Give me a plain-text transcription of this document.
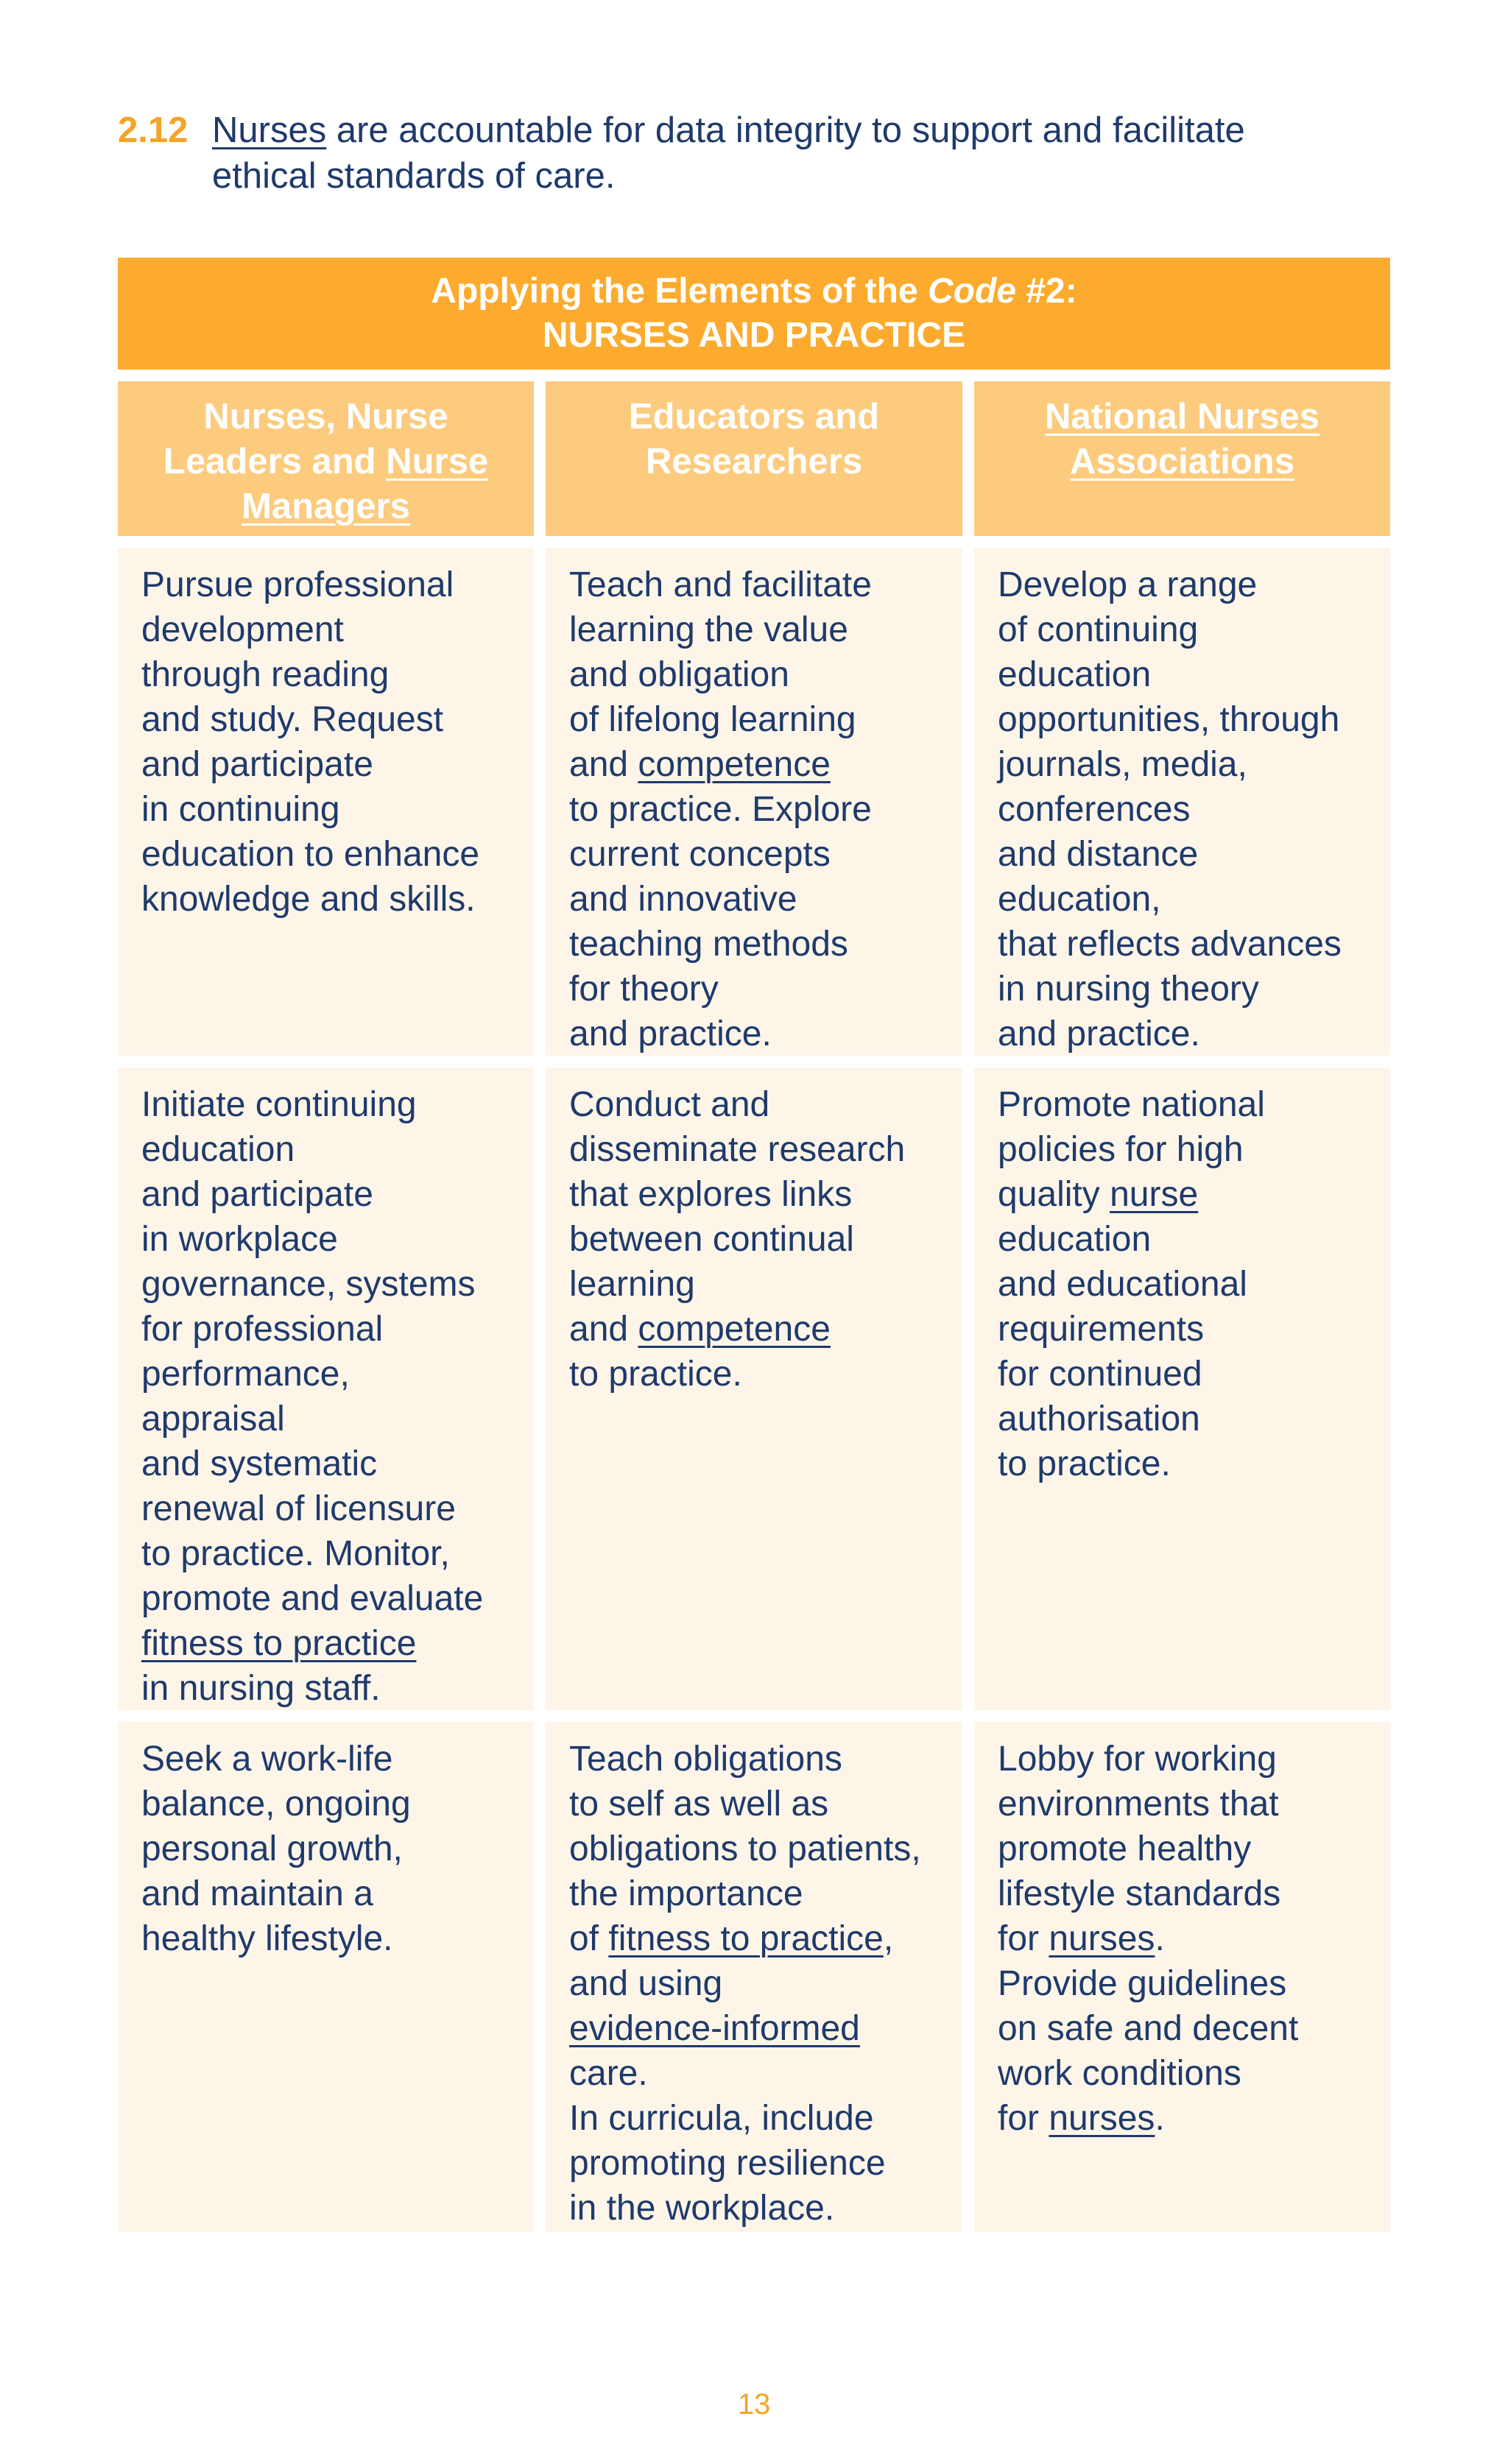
2.12 Nurses are accountable for data integrity to support and facilitate
ethical standards of care.
Applying the Elements of the Code #2:
NURSES AND PRACTICE
Nurses, Nurse
Leaders and Nurse
Managers
Educators and
Researchers
National Nurses
Associations
Pursue professional
development
through reading
and study. Request
and participate
in continuing
education to enhance
knowledge and skills.
Teach and facilitate
learning the value
and obligation
of lifelong learning
and competence
to practice. Explore
current concepts
and innovative
teaching methods
for theory
and practice.
Develop a range
of continuing
education
opportunities, through
journals, media,
conferences
and distance
education,
that reflects advances
in nursing theory
and practice.
Initiate continuing
education
and participate
in workplace
governance, systems
for professional
performance,
appraisal
and systematic
renewal of licensure
to practice. Monitor,
promote and evaluate
fitness to practice
in nursing staff.
Conduct and
disseminate research
that explores links
between continual
learning
and competence
to practice.
Promote national
policies for high
quality nurse
education
and educational
requirements
for continued
authorisation
to practice.
Seek a work-life
balance, ongoing
personal growth,
and maintain a
healthy lifestyle.
Teach obligations
to self as well as
obligations to patients,
the importance
of fitness to practice,
and using
evidence-informed
care.
In curricula, include
promoting resilience
in the workplace.
Lobby for working
environments that
promote healthy
lifestyle standards
for nurses.
Provide guidelines
on safe and decent
work conditions
for nurses.
13
